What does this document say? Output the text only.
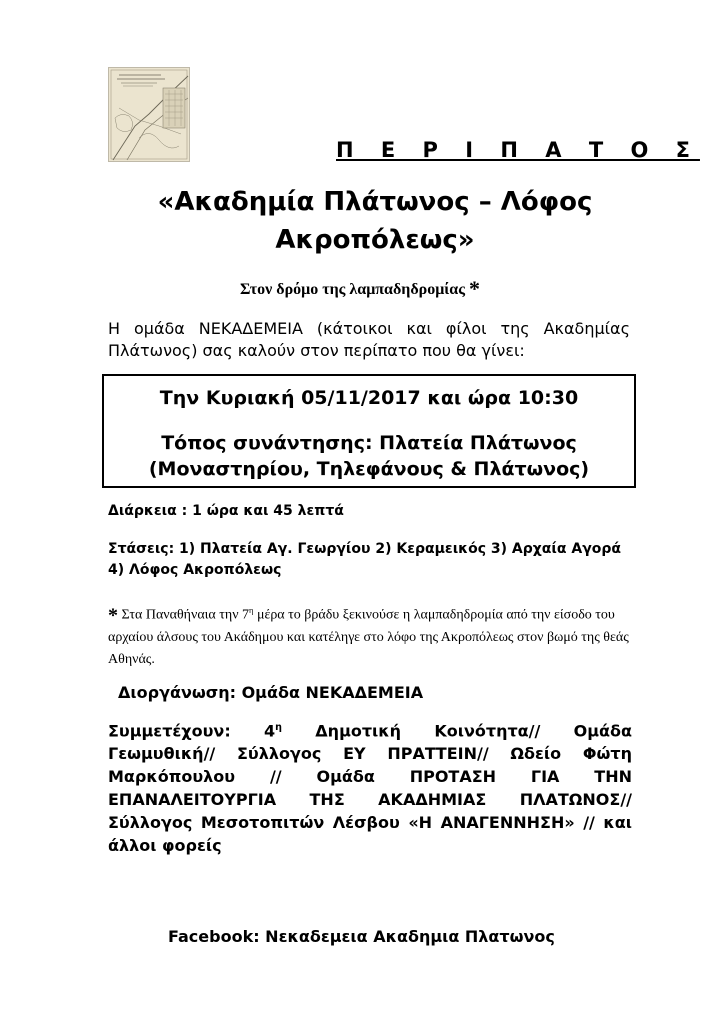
Π Ε Ρ Ι Π Α Τ Ο Σ
«Ακαδημία Πλάτωνος – Λόφος
Ακροπόλεως»
Στον δρόμο της λαμπαδηδρομίας *
Η ομάδα ΝΕΚΑΔΕΜΕΙΑ (κάτοικοι και φίλοι της Ακαδημίας Πλάτωνος) σας καλούν στον περίπατο που θα γίνει:
Την Κυριακή 05/11/2017 και ώρα 10:30
Τόπος συνάντησης: Πλατεία Πλάτωνος
(Μοναστηρίου, Τηλεφάνους & Πλάτωνος)
Διάρκεια : 1 ώρα και 45 λεπτά
Στάσεις: 1) Πλατεία Αγ. Γεωργίου 2) Κεραμεικός 3) Αρχαία Αγορά 4) Λόφος Ακροπόλεως
* Στα Παναθήναια την $7^\eta$ μέρα το βράδυ ξεκινούσε η λαμπαδηδρομία από την είσοδο του αρχαίου άλσους του Ακάδημου και κατέληγε στο λόφο της Ακροπόλεως στον βωμό της θεάς Αθηνάς.
Διοργάνωση: Ομάδα ΝΕΚΑΔΕΜΕΙΑ
Συμμετέχουν: $4^\eta$ Δημοτική Κοινότητα// Ομάδα Γεωμυθική// Σύλλογος ΕΥ ΠΡΑΤΤΕΙΝ// Ωδείο Φώτη Μαρκόπουλου // Ομάδα ΠΡΟΤΑΣΗ ΓΙΑ ΤΗΝ ΕΠΑΝΑΛΕΙΤΟΥΡΓΙΑ ΤΗΣ ΑΚΑΔΗΜΙΑΣ ΠΛΑΤΩΝΟΣ//Σύλλογος Μεσοτοπιτών Λέσβου «Η ΑΝΑΓΕΝΝΗΣΗ» // και άλλοι φορείς
Facebook: Νεκαδεμεια Ακαδημια Πλατωνος
